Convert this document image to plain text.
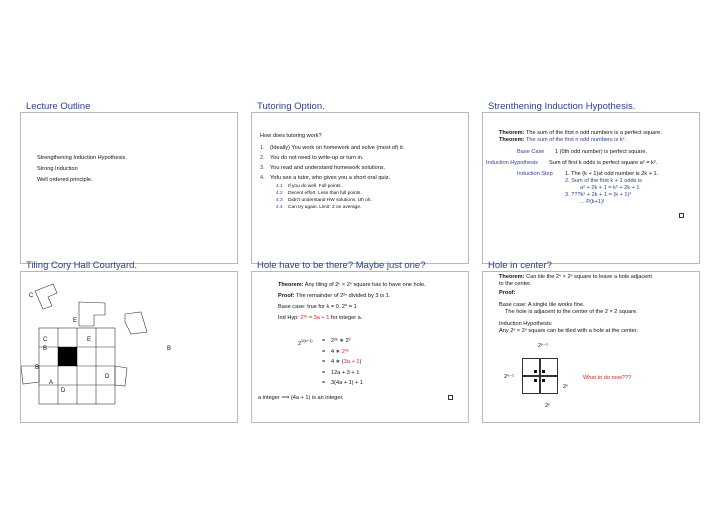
Lecture Outline
Strengthening Induction Hypothesis.
Strong Induction
Well ordered principle.
Tutoring Option.
How does tutoring work?
1. (Ideally) You work on homework and solve (most of) it.
2. You do not need to write-up or turn in.
3. You read and understand homework solutions.
4. Yofu see a tutor, who gives you a short oral quiz.
4.1 If you do well. Full points.
4.2 Decent effort. Less than full points.
4.3 Didn't understand HW solutions. Uh oh.
4.4 Can try again. Limit: 2 on average.
Strenthening Induction Hypothesis.
Theorem: The sum of the first n odd numbers is a perfect square.
Theorem: The sum of the first n odd numbers is k².
Base Case 1 (0th odd number) is perfect square.
Induction Hypothesis Sum of first k odds is perfect square a² = k².
Induction Step 1. The (k + 1)st odd number is 2k + 1.
2. Sum of the first k + 1 odds is
a² + 2k + 1 = k² + 2k + 1
3. ???k² + 2k + 1 = (k + 1)²
... P(k+1)!
Tiling Cory Hall Courtyard.
C
E
C	E
B	B
B
D
A
D
Hole have to be there? Maybe just one?
Theorem: Any tiling of 2ⁿ × 2ⁿ square has to have one hole.
Proof: The remainder of 2²ⁿ divided by 3 is 1.
Base case: true for k = 0. 2⁰ = 1
Ind Hyp: 2²ᵏ = 3a + 1 for integer a.
$2^{2(k+1)}$ = 2²ᵏ ∗ 2²
= 4 ∗ 2²ᵏ
= 4 ∗ (3a + 1)
= 12a + 3 + 1
= 3(4a + 1) + 1
a integer ⟹ (4a + 1) is an integer.
Hole in center?
Theorem: Can tile the 2ⁿ × 2ⁿ square to leave a hole adjacent
to the center.
Proof:
Base case: A single tile works fine.
The hole is adjacent to the center of the 2 × 2 square.
Induction Hypothesis:
Any 2ⁿ × 2ⁿ square can be tiled with a hole at the center.
2ⁿ⁻¹
2ⁿ⁻¹
2ⁿ
What to do now???
2ⁿ
